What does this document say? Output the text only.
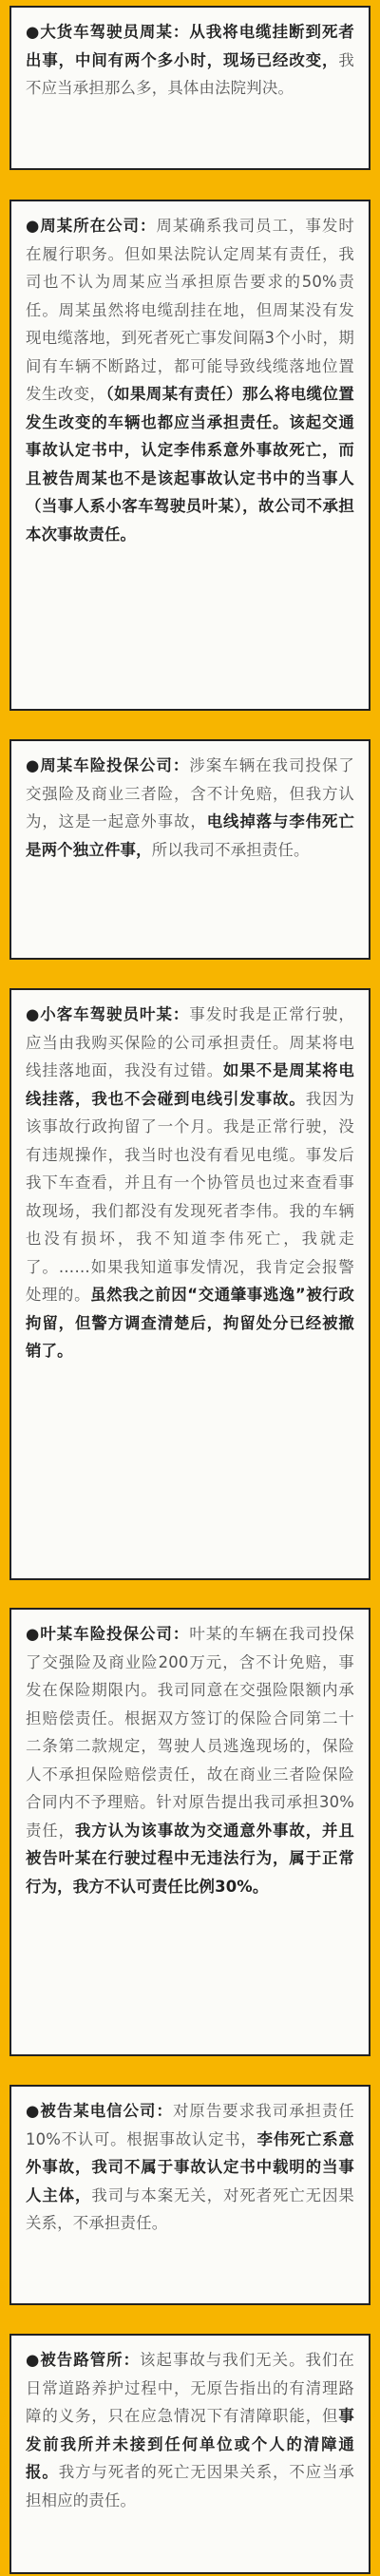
●大货车驾驶员周某：从我将电缆挂断到死者出事，中间有两个多小时，现场已经改变，我不应当承担那么多，具体由法院判决。

●周某所在公司：周某确系我司员工，事发时在履行职务。但如果法院认定周某有责任，我司也不认为周某应当承担原告要求的50%责任。周某虽然将电缆刮挂在地，但周某没有发现电缆落地，到死者死亡事发间隔3个小时，期间有车辆不断路过，都可能导致线缆落地位置发生改变，（如果周某有责任）那么将电缆位置发生改变的车辆也都应当承担责任。该起交通事故认定书中，认定李伟系意外事故死亡，而且被告周某也不是该起事故认定书中的当事人（当事人系小客车驾驶员叶某），故公司不承担本次事故责任。

●周某车险投保公司：涉案车辆在我司投保了交强险及商业三者险，含不计免赔，但我方认为，这是一起意外事故，电线掉落与李伟死亡是两个独立件事，所以我司不承担责任。

●小客车驾驶员叶某：事发时我是正常行驶，应当由我购买保险的公司承担责任。周某将电线挂落地面，我没有过错。如果不是周某将电线挂落，我也不会碰到电线引发事故。我因为该事故行政拘留了一个月。我是正常行驶，没有违规操作，我当时也没有看见电缆。事发后我下车查看，并且有一个协管员也过来查看事故现场，我们都没有发现死者李伟。我的车辆也没有损坏，我不知道李伟死亡，我就走了。……如果我知道事发情况，我肯定会报警处理的。虽然我之前因“交通肇事逃逸”被行政拘留，但警方调查清楚后，拘留处分已经被撤销了。

●叶某车险投保公司：叶某的车辆在我司投保了交强险及商业险200万元，含不计免赔，事发在保险期限内。我司同意在交强险限额内承担赔偿责任。根据双方签订的保险合同第二十二条第二款规定，驾驶人员逃逸现场的，保险人不承担保险赔偿责任，故在商业三者险保险合同内不予理赔。针对原告提出我司承担30%责任，我方认为该事故为交通意外事故，并且被告叶某在行驶过程中无违法行为，属于正常行为，我方不认可责任比例30%。

●被告某电信公司：对原告要求我司承担责任10%不认可。根据事故认定书，李伟死亡系意外事故，我司不属于事故认定书中载明的当事人主体，我司与本案无关，对死者死亡无因果关系，不承担责任。

●被告路管所：该起事故与我们无关。我们在日常道路养护过程中，无原告指出的有清理路障的义务，只在应急情况下有清障职能，但事发前我所并未接到任何单位或个人的清障通报。我方与死者的死亡无因果关系，不应当承担相应的责任。
